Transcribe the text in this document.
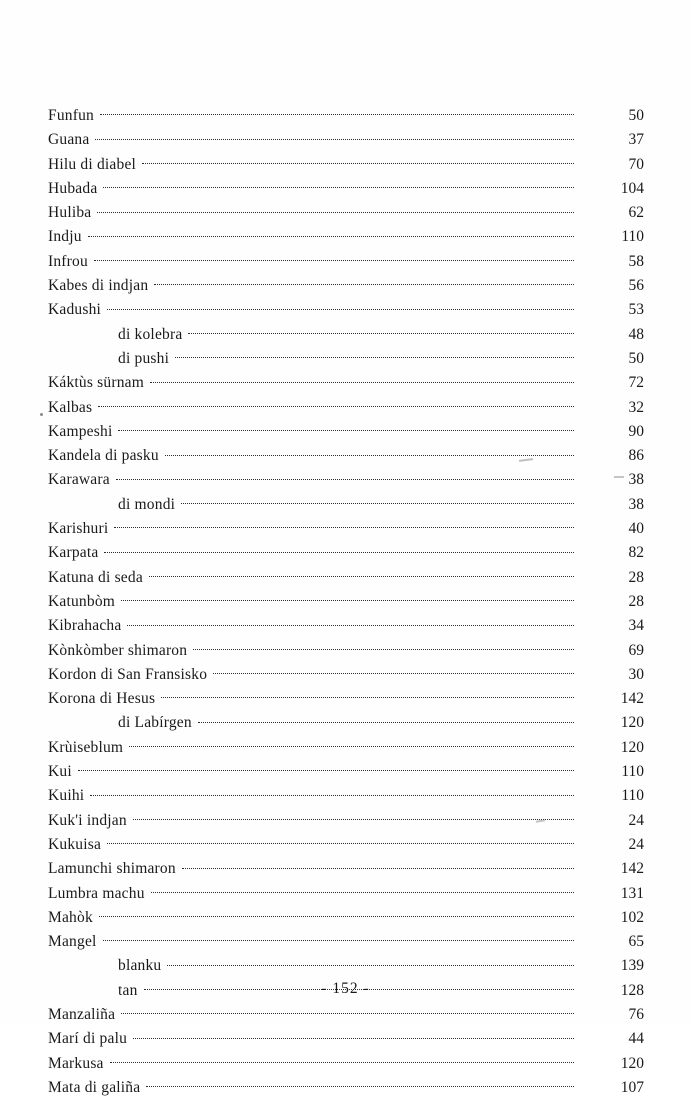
Funfun	50
Guana	37
Hilu di diabel	70
Hubada	104
Huliba	62
Indju	110
Infrou	58
Kabes di indjan	56
Kadushi	53
di kolebra	48
di pushi	50
Káktùs sürnam	72
Kalbas	32
Kampeshi	90
Kandela di pasku	86
Karawara	38
di mondi	38
Karishuri	40
Karpata	82
Katuna di seda	28
Katunbòm	28
Kibrahacha	34
Kònkòmber shimaron	69
Kordon di San Fransisko	30
Korona di Hesus	142
di Labírgen	120
Krùiseblum	120
Kui	110
Kuihi	110
Kuk'i indjan	24
Kukuisa	24
Lamunchi shimaron	142
Lumbra machu	131
Mahòk	102
Mangel	65
blanku	139
tan	128
Manzaliña	76
Marí di palu	44
Markusa	120
Mata di galiña	107
- 152 -
